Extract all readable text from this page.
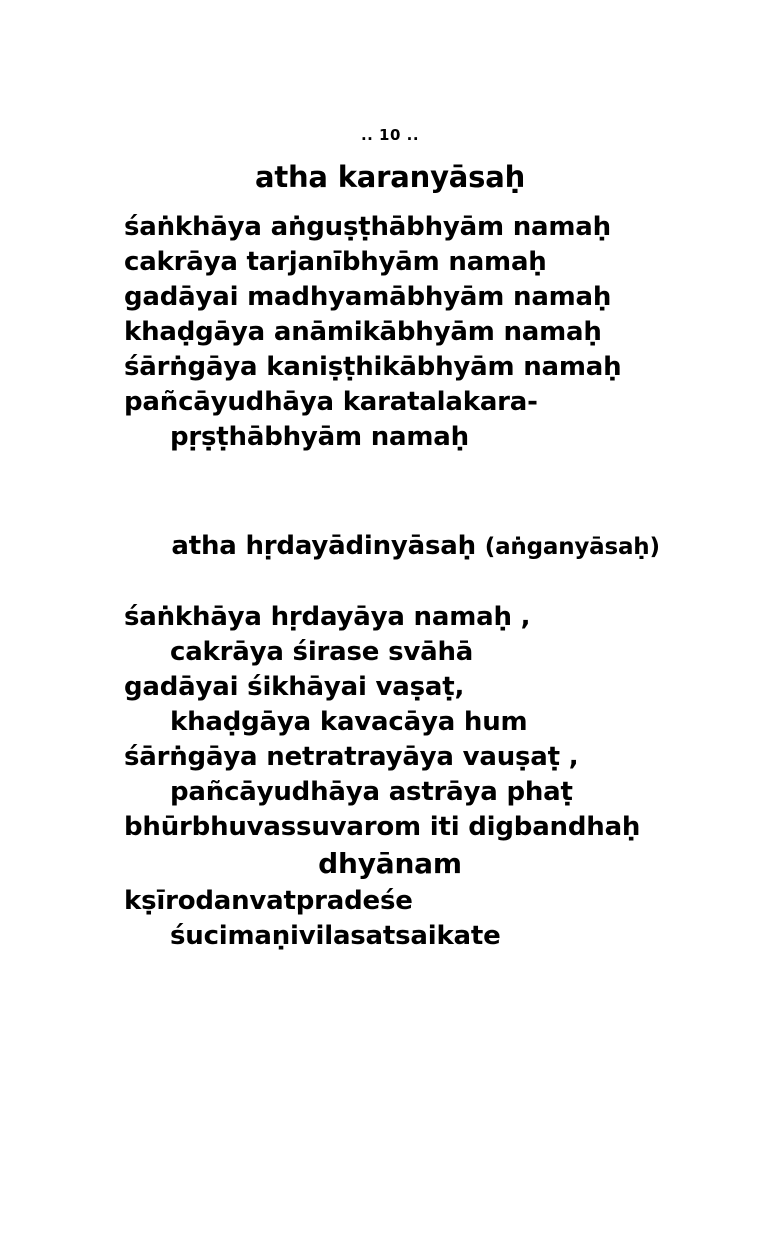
.. 10 ..
atha karanyāsaḥ
śaṅkhāya aṅguṣṭhābhyām namaḥ
cakrāya tarjanībhyām namaḥ
gadāyai madhyamābhyām namaḥ
khaḍgāya anāmikābhyām namaḥ
śārṅgāya kaniṣṭhikābhyām namaḥ
pañcāyudhāya karatalakara-
pṛṣṭhābhyām namaḥ

atha hṛdayādinyāsaḥ (aṅganyāsaḥ)

śaṅkhāya hṛdayāya namaḥ ,
cakrāya śirase svāhā
gadāyai śikhāyai vaṣaṭ,
khaḍgāya kavacāya hum
śārṅgāya netratrayāya vauṣaṭ ,
pañcāyudhāya astrāya phaṭ
bhūrbhuvassuvarom iti digbandhaḥ
dhyānam
kṣīrodanvatpradeśe
śucimaṇivilasatsaikate
